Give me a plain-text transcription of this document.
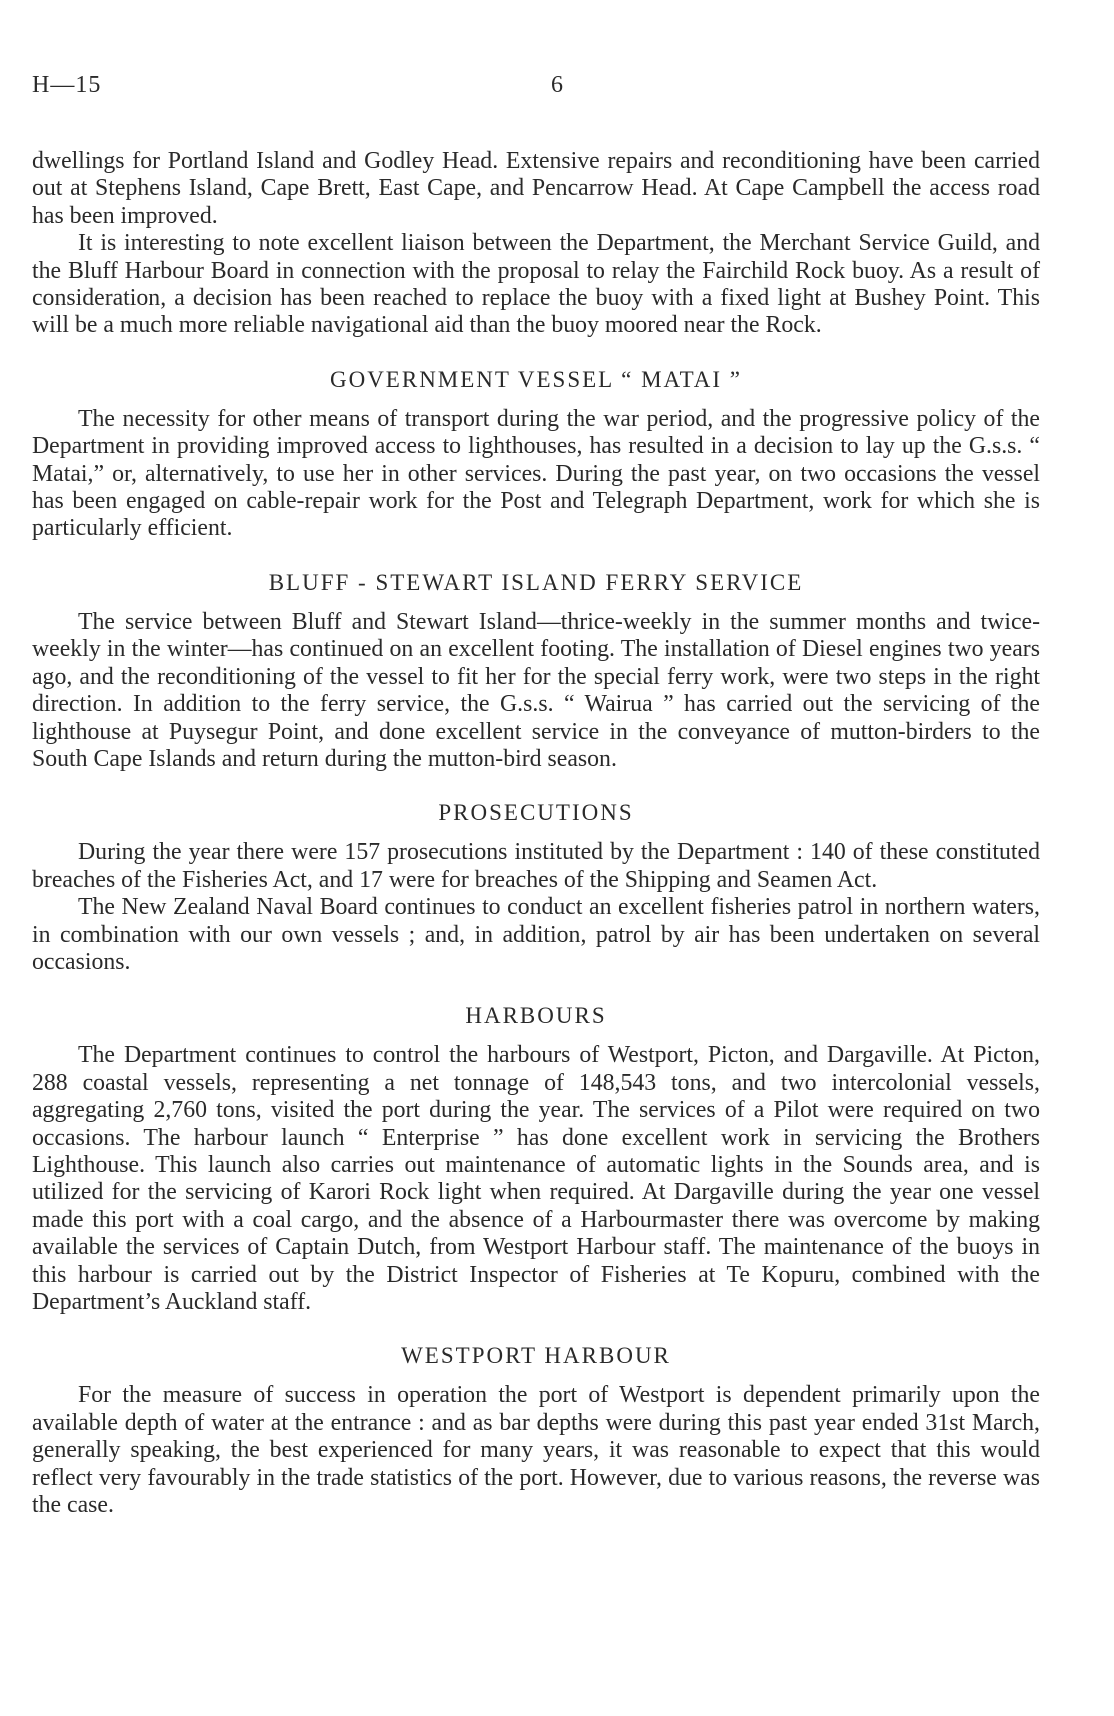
H—15	6

dwellings for Portland Island and Godley Head. Extensive repairs and reconditioning have been carried out at Stephens Island, Cape Brett, East Cape, and Pencarrow Head. At Cape Campbell the access road has been improved.

It is interesting to note excellent liaison between the Department, the Merchant Service Guild, and the Bluff Harbour Board in connection with the proposal to relay the Fairchild Rock buoy. As a result of consideration, a decision has been reached to replace the buoy with a fixed light at Bushey Point. This will be a much more reliable navigational aid than the buoy moored near the Rock.

GOVERNMENT VESSEL “ MATAI ”

The necessity for other means of transport during the war period, and the progressive policy of the Department in providing improved access to lighthouses, has resulted in a decision to lay up the G.s.s. “ Matai,” or, alternatively, to use her in other services. During the past year, on two occasions the vessel has been engaged on cable-repair work for the Post and Telegraph Department, work for which she is particularly efficient.

BLUFF - STEWART ISLAND FERRY SERVICE

The service between Bluff and Stewart Island—thrice-weekly in the summer months and twice-weekly in the winter—has continued on an excellent footing. The installation of Diesel engines two years ago, and the reconditioning of the vessel to fit her for the special ferry work, were two steps in the right direction. In addition to the ferry service, the G.s.s. “ Wairua ” has carried out the servicing of the lighthouse at Puysegur Point, and done excellent service in the conveyance of mutton-birders to the South Cape Islands and return during the mutton-bird season.

PROSECUTIONS

During the year there were 157 prosecutions instituted by the Department : 140 of these constituted breaches of the Fisheries Act, and 17 were for breaches of the Shipping and Seamen Act.

The New Zealand Naval Board continues to conduct an excellent fisheries patrol in northern waters, in combination with our own vessels ; and, in addition, patrol by air has been undertaken on several occasions.

HARBOURS

The Department continues to control the harbours of Westport, Picton, and Dargaville. At Picton, 288 coastal vessels, representing a net tonnage of 148,543 tons, and two intercolonial vessels, aggregating 2,760 tons, visited the port during the year. The services of a Pilot were required on two occasions. The harbour launch “ Enterprise ” has done excellent work in servicing the Brothers Lighthouse. This launch also carries out maintenance of automatic lights in the Sounds area, and is utilized for the servicing of Karori Rock light when required. At Dargaville during the year one vessel made this port with a coal cargo, and the absence of a Harbourmaster there was overcome by making available the services of Captain Dutch, from Westport Harbour staff. The maintenance of the buoys in this harbour is carried out by the District Inspector of Fisheries at Te Kopuru, combined with the Department’s Auckland staff.

WESTPORT HARBOUR

For the measure of success in operation the port of Westport is dependent primarily upon the available depth of water at the entrance : and as bar depths were during this past year ended 31st March, generally speaking, the best experienced for many years, it was reasonable to expect that this would reflect very favourably in the trade statistics of the port. However, due to various reasons, the reverse was the case.
